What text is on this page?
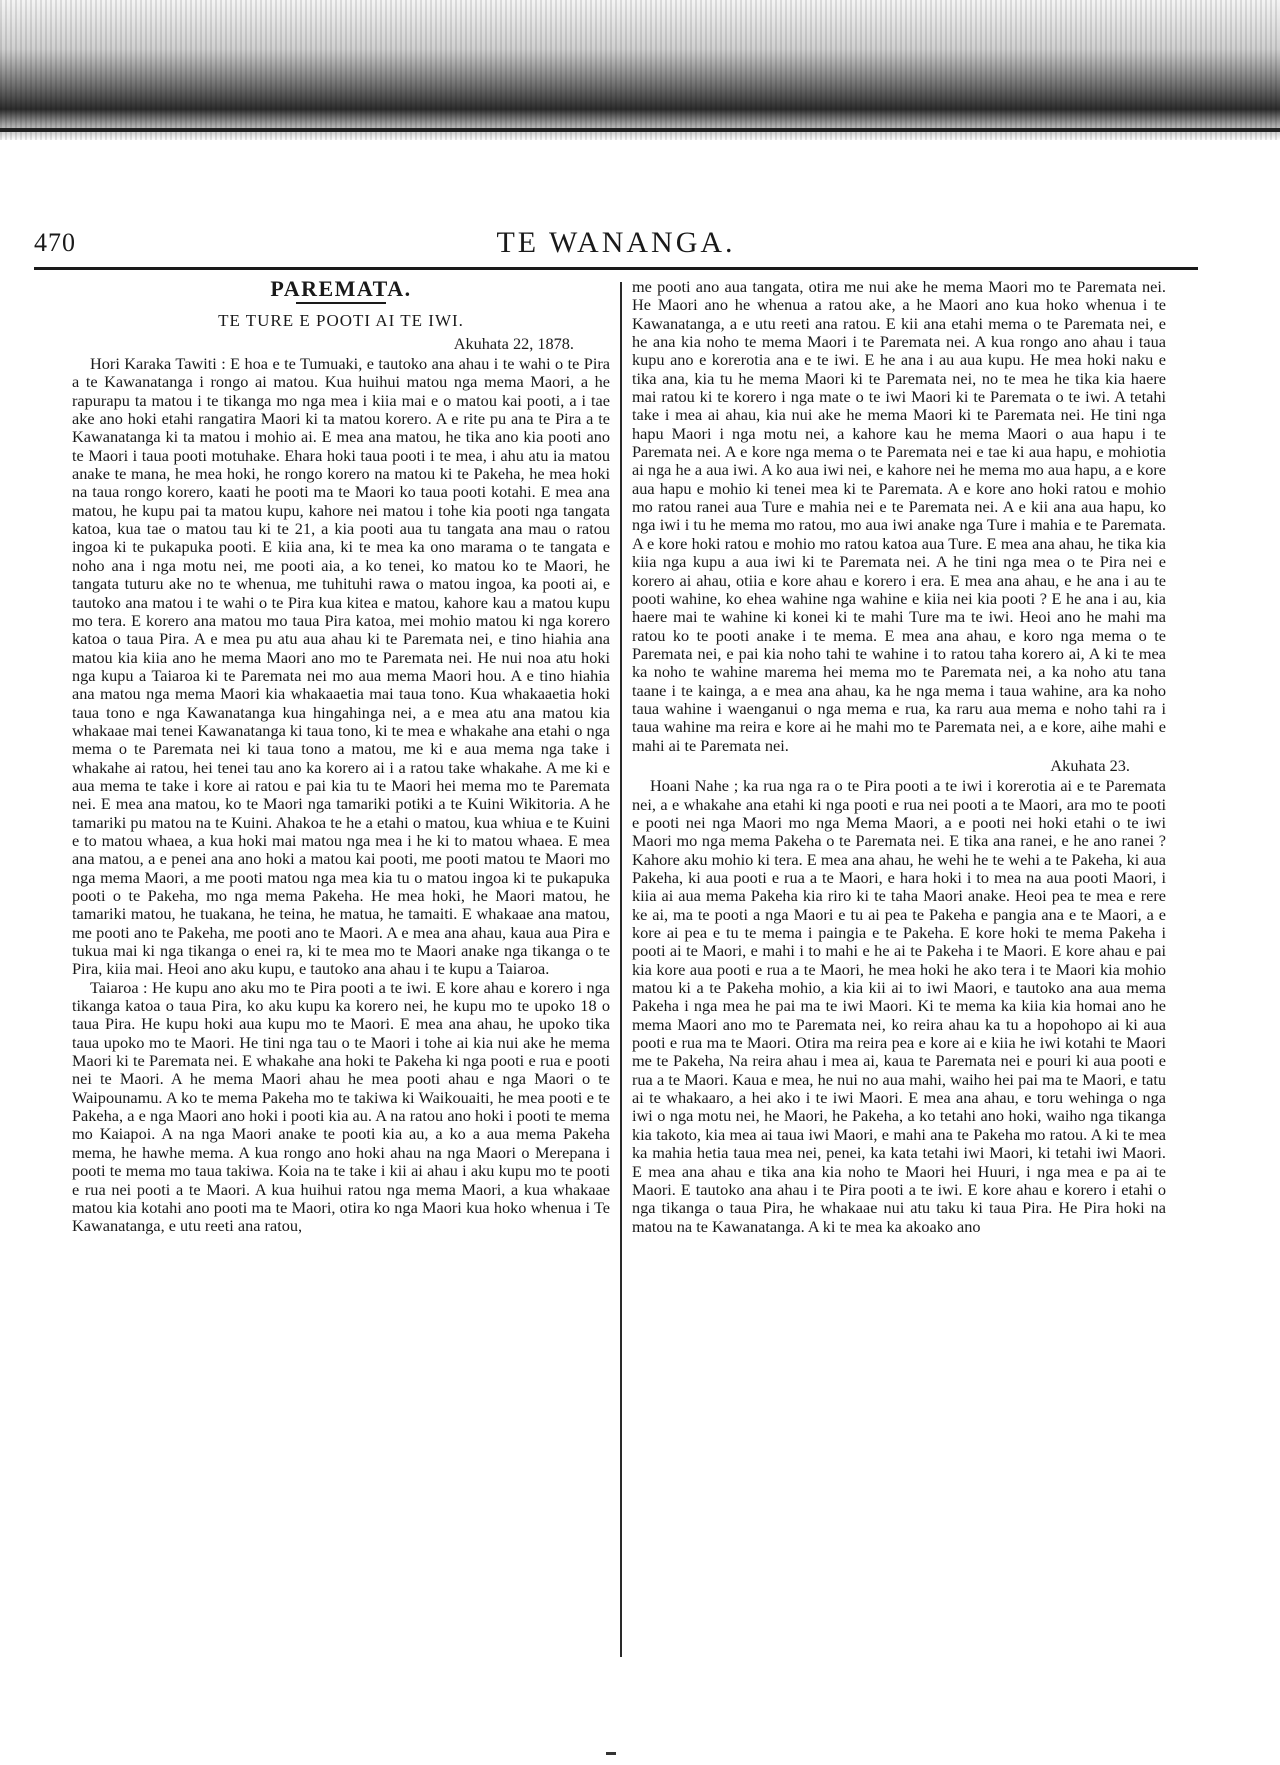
470	TE WANANGA.
PAREMATA.
TE TURE E POOTI AI TE IWI.
Akuhata 22, 1878.

Hori Karaka Tawiti : E hoa e te Tumuaki, e tautoko ana ahau i te wahi o te Pira a te Kawanatanga i rongo ai matou. Kua huihui matou nga mema Maori, a he rapurapu ta matou i te tikanga mo nga mea i kiia mai e o matou kai pooti, a i tae ake ano hoki etahi rangatira Maori ki ta matou korero. A e rite pu ana te Pira a te Kawanatanga ki ta matou i mohio ai. E mea ana matou, he tika ano kia pooti ano te Maori i taua pooti motuhake. Ehara hoki taua pooti i te mea, i ahu atu ia matou anake te mana, he mea hoki, he rongo korero na matou ki te Pakeha, he mea hoki na taua rongo korero, kaati he pooti ma te Maori ko taua pooti kotahi. E mea ana matou, he kupu pai ta matou kupu, kahore nei matou i tohe kia pooti nga tangata katoa, kua tae o matou tau ki te 21, a kia pooti aua tu tangata ana mau o ratou ingoa ki te pukapuka pooti. E kiia ana, ki te mea ka ono marama o te tangata e noho ana i nga motu nei, me pooti aia, a ko tenei, ko matou ko te Maori, he tangata tuturu ake no te whenua, me tuhituhi rawa o matou ingoa, ka pooti ai, e tautoko ana matou i te wahi o te Pira kua kitea e matou, kahore kau a matou kupu mo tera. E korero ana matou mo taua Pira katoa, mei mohio matou ki nga korero katoa o taua Pira. A e mea pu atu aua ahau ki te Paremata nei, e tino hiahia ana matou kia kiia ano he mema Maori ano mo te Paremata nei. He nui noa atu hoki nga kupu a Taiaroa ki te Paremata nei mo aua mema Maori hou. A e tino hiahia ana matou nga mema Maori kia whakaaetia mai taua tono. Kua whakaaetia hoki taua tono e nga Kawanatanga kua hingahinga nei, a e mea atu ana matou kia whakaae mai tenei Kawanatanga ki taua tono, ki te mea e whakahe ana etahi o nga mema o te Paremata nei ki taua tono a matou, me ki e aua mema nga take i whakahe ai ratou, hei tenei tau ano ka korero ai i a ratou take whakahe. A me ki e aua mema te take i kore ai ratou e pai kia tu te Maori hei mema mo te Paremata nei. E mea ana matou, ko te Maori nga tamariki potiki a te Kuini Wikitoria. A he tamariki pu matou na te Kuini. Ahakoa te he a etahi o matou, kua whiua e te Kuini e to matou whaea, a kua hoki mai matou nga mea i he ki to matou whaea. E mea ana matou, a e penei ana ano hoki a matou kai pooti, me pooti matou te Maori mo nga mema Maori, a me pooti matou nga mea kia tu o matou ingoa ki te pukapuka pooti o te Pakeha, mo nga mema Pakeha. He mea hoki, he Maori matou, he tamariki matou, he tuakana, he teina, he matua, he tamaiti. E whakaae ana matou, me pooti ano te Pakeha, me pooti ano te Maori. A e mea ana ahau, kaua aua Pira e tukua mai ki nga tikanga o enei ra, ki te mea mo te Maori anake nga tikanga o te Pira, kiia mai. Heoi ano aku kupu, e tautoko ana ahau i te kupu a Taiaroa.

Taiaroa : He kupu ano aku mo te Pira pooti a te iwi. E kore ahau e korero i nga tikanga katoa o taua Pira, ko aku kupu ka korero nei, he kupu mo te upoko 18 o taua Pira. He kupu hoki aua kupu mo te Maori. E mea ana ahau, he upoko tika taua upoko mo te Maori. He tini nga tau o te Maori i tohe ai kia nui ake he mema Maori ki te Paremata nei. E whakahe ana hoki te Pakeha ki nga pooti e rua e pooti nei te Maori. A he mema Maori ahau he mea pooti ahau e nga Maori o te Waipounamu. A ko te mema Pakeha mo te takiwa ki Waikouaiti, he mea pooti e te Pakeha, a e nga Maori ano hoki i pooti kia au. A na ratou ano hoki i pooti te mema mo Kaiapoi. A na nga Maori anake te pooti kia au, a ko a aua mema Pakeha mema, he hawhe mema. A kua rongo ano hoki ahau na nga Maori o Merepana i pooti te mema mo taua takiwa. Koia na te take i kii ai ahau i aku kupu mo te pooti e rua nei pooti a te Maori. A kua huihui ratou nga mema Maori, a kua whakaae matou kia kotahi ano pooti ma te Maori, otira ko nga Maori kua hoko whenua i Te Kawanatanga, e utu reeti ana ratou,

me pooti ano aua tangata, otira me nui ake he mema Maori mo te Paremata nei. He Maori ano he whenua a ratou ake, a he Maori ano kua hoko whenua i te Kawanatanga, a e utu reeti ana ratou. E kii ana etahi mema o te Paremata nei, e he ana kia noho te mema Maori i te Paremata nei. A kua rongo ano ahau i taua kupu ano e korerotia ana e te iwi. E he ana i au aua kupu. He mea hoki naku e tika ana, kia tu he mema Maori ki te Paremata nei, no te mea he tika kia haere mai ratou ki te korero i nga mate o te iwi Maori ki te Paremata o te iwi. A tetahi take i mea ai ahau, kia nui ake he mema Maori ki te Paremata nei. He tini nga hapu Maori i nga motu nei, a kahore kau he mema Maori o aua hapu i te Paremata nei. A e kore nga mema o te Paremata nei e tae ki aua hapu, e mohiotia ai nga he a aua iwi. A ko aua iwi nei, e kahore nei he mema mo aua hapu, a e kore aua hapu e mohio ki tenei mea ki te Paremata. A e kore ano hoki ratou e mohio mo ratou ranei aua Ture e mahia nei e te Paremata nei. A e kii ana aua hapu, ko nga iwi i tu he mema mo ratou, mo aua iwi anake nga Ture i mahia e te Paremata. A e kore hoki ratou e mohio mo ratou katoa aua Ture. E mea ana ahau, he tika kia kiia nga kupu a aua iwi ki te Paremata nei. A he tini nga mea o te Pira nei e korero ai ahau, otiia e kore ahau e korero i era. E mea ana ahau, e he ana i au te pooti wahine, ko ehea wahine nga wahine e kiia nei kia pooti ? E he ana i au, kia haere mai te wahine ki konei ki te mahi Ture ma te iwi. Heoi ano he mahi ma ratou ko te pooti anake i te mema. E mea ana ahau, e koro nga mema o te Paremata nei, e pai kia noho tahi te wahine i to ratou taha korero ai, A ki te mea ka noho te wahine marema hei mema mo te Paremata nei, a ka noho atu tana taane i te kainga, a e mea ana ahau, ka he nga mema i taua wahine, ara ka noho taua wahine i waenganui o nga mema e rua, ka raru aua mema e noho tahi ra i taua wahine ma reira e kore ai he mahi mo te Paremata nei, a e kore, aihe mahi e mahi ai te Paremata nei.

Akuhata 23.

Hoani Nahe ; ka rua nga ra o te Pira pooti a te iwi i korerotia ai e te Paremata nei, a e whakahe ana etahi ki nga pooti e rua nei pooti a te Maori, ara mo te pooti e pooti nei nga Maori mo nga Mema Maori, a e pooti nei hoki etahi o te iwi Maori mo nga mema Pakeha o te Paremata nei. E tika ana ranei, e he ano ranei ? Kahore aku mohio ki tera. E mea ana ahau, he wehi he te wehi a te Pakeha, ki aua Pakeha, ki aua pooti e rua a te Maori, e hara hoki i to mea na aua pooti Maori, i kiia ai aua mema Pakeha kia riro ki te taha Maori anake. Heoi pea te mea e rere ke ai, ma te pooti a nga Maori e tu ai pea te Pakeha e pangia ana e te Maori, a e kore ai pea e tu te mema i paingia e te Pakeha. E kore hoki te mema Pakeha i pooti ai te Maori, e mahi i to mahi e he ai te Pakeha i te Maori. E kore ahau e pai kia kore aua pooti e rua a te Maori, he mea hoki he ako tera i te Maori kia mohio matou ki a te Pakeha mohio, a kia kii ai to iwi Maori, e tautoko ana aua mema Pakeha i nga mea he pai ma te iwi Maori. Ki te mema ka kiia kia homai ano he mema Maori ano mo te Paremata nei, ko reira ahau ka tu a hopohopo ai ki aua pooti e rua ma te Maori. Otira ma reira pea e kore ai e kiia he iwi kotahi te Maori me te Pakeha, Na reira ahau i mea ai, kaua te Paremata nei e pouri ki aua pooti e rua a te Maori. Kaua e mea, he nui no aua mahi, waiho hei pai ma te Maori, e tatu ai te whakaaro, a hei ako i te iwi Maori. E mea ana ahau, e toru wehinga o nga iwi o nga motu nei, he Maori, he Pakeha, a ko tetahi ano hoki, waiho nga tikanga kia takoto, kia mea ai taua iwi Maori, e mahi ana te Pakeha mo ratou. A ki te mea ka mahia hetia taua mea nei, penei, ka kata tetahi iwi Maori, ki tetahi iwi Maori. E mea ana ahau e tika ana kia noho te Maori hei Huuri, i nga mea e pa ai te Maori. E tautoko ana ahau i te Pira pooti a te iwi. E kore ahau e korero i etahi o nga tikanga o taua Pira, he whakaae nui atu taku ki taua Pira. He Pira hoki na matou na te Kawanatanga. A ki te mea ka akoako ano
